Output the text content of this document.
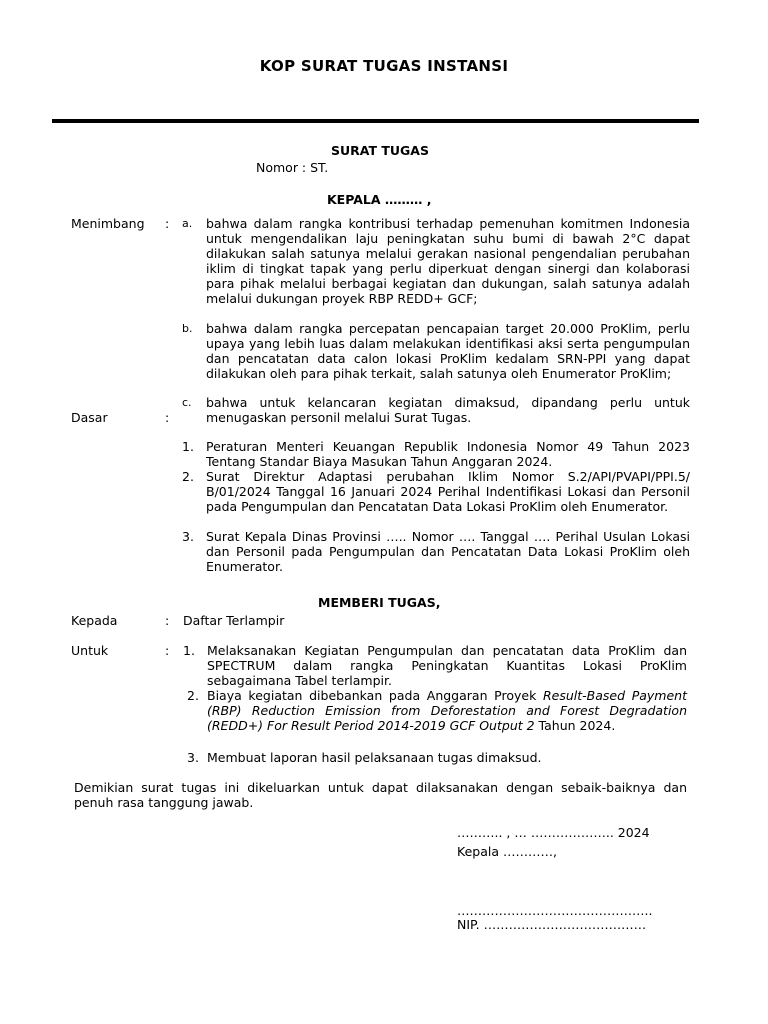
KOP SURAT TUGAS INSTANSI
SURAT TUGAS
Nomor : ST.
KEPALA ……… ,
Menimbang : a. bahwa dalam rangka kontribusi terhadap pemenuhan komitmen Indonesia untuk mengendalikan laju peningkatan suhu bumi di bawah 2°C dapat dilakukan salah satunya melalui gerakan nasional pengendalian perubahan iklim di tingkat tapak yang perlu diperkuat dengan sinergi dan kolaborasi para pihak melalui berbagai kegiatan dan dukungan, salah satunya adalah melalui dukungan proyek RBP REDD+ GCF;
b. bahwa dalam rangka percepatan pencapaian target 20.000 ProKlim, perlu upaya yang lebih luas dalam melakukan identifikasi aksi serta pengumpulan dan pencatatan data calon lokasi ProKlim kedalam SRN-PPI yang dapat dilakukan oleh para pihak terkait, salah satunya oleh Enumerator ProKlim;
c. bahwa untuk kelancaran kegiatan dimaksud, dipandang perlu untuk menugaskan personil melalui Surat Tugas.
Dasar	:
1. Peraturan Menteri Keuangan Republik Indonesia Nomor 49 Tahun 2023 Tentang Standar Biaya Masukan Tahun Anggaran 2024.
2. Surat Direktur Adaptasi perubahan Iklim Nomor S.2/API/PVAPI/PPI.5/ B/01/2024 Tanggal 16 Januari 2024 Perihal Indentifikasi Lokasi dan Personil pada Pengumpulan dan Pencatatan Data Lokasi ProKlim oleh Enumerator.
3. Surat Kepala Dinas Provinsi ….. Nomor …. Tanggal …. Perihal Usulan Lokasi dan Personil pada Pengumpulan dan Pencatatan Data Lokasi ProKlim oleh Enumerator.
MEMBERI TUGAS,
Kepada	: Daftar Terlampir
Untuk	: 1. Melaksanakan Kegiatan Pengumpulan dan pencatatan data ProKlim dan SPECTRUM dalam rangka Peningkatan Kuantitas Lokasi ProKlim sebagaimana Tabel terlampir.
2. Biaya kegiatan dibebankan pada Anggaran Proyek Result-Based Payment (RBP) Reduction Emission from Deforestation and Forest Degradation (REDD+) For Result Period 2014-2019 GCF Output 2 Tahun 2024.
3. Membuat laporan hasil pelaksanaan tugas dimaksud.
Demikian surat tugas ini dikeluarkan untuk dapat dilaksanakan dengan sebaik-baiknya dan penuh rasa tanggung jawab.
……….. , … ……………….. 2024
Kepala …………,
………………………………………..
NIP. …………………………………
